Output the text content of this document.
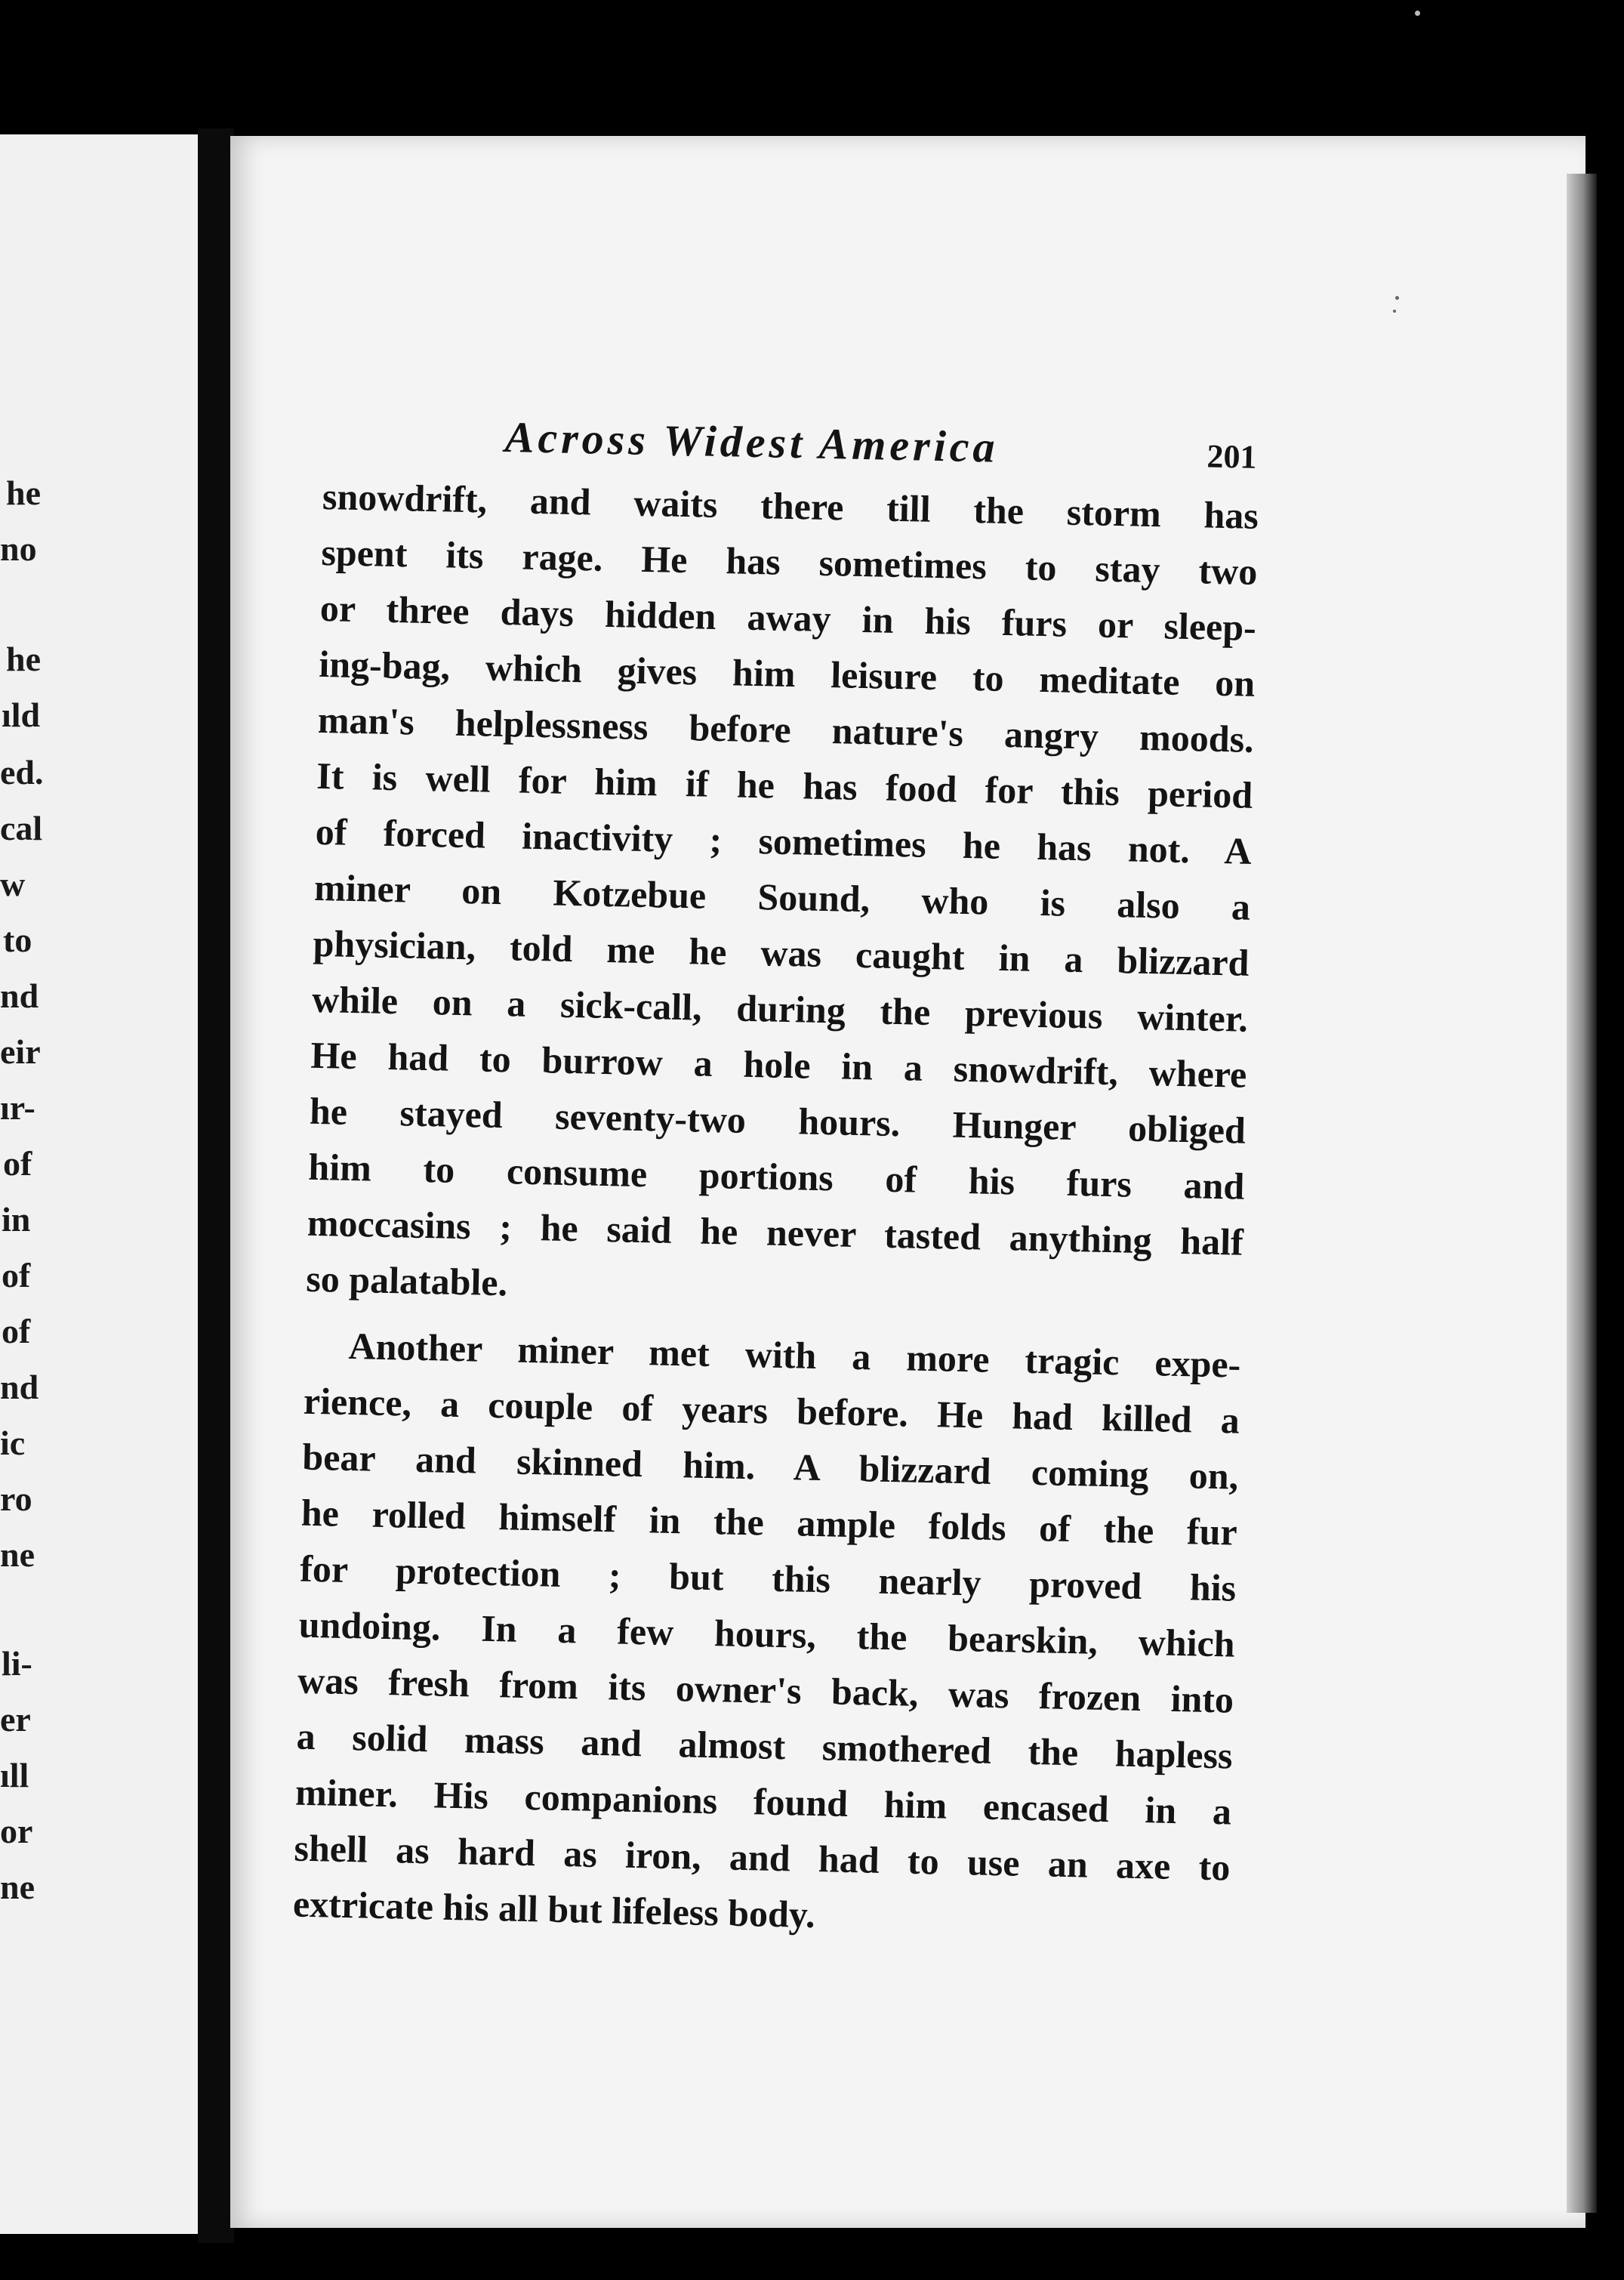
he
no
he
ıld
ed.
cal
w
to
nd
eir
ır-
of
in
of
of
nd
ic
ro
ne
li-
er
ıll
or
ne
Across Widest America	201

snowdrift, and waits there till the storm has
spent its rage. He has sometimes to stay two
or three days hidden away in his furs or sleep-
ing-bag, which gives him leisure to meditate on
man's helplessness before nature's angry moods.
It is well for him if he has food for this period
of forced inactivity ; sometimes he has not. A
miner on Kotzebue Sound, who is also a
physician, told me he was caught in a blizzard
while on a sick-call, during the previous winter.
He had to burrow a hole in a snowdrift, where
he stayed seventy-two hours. Hunger obliged
him to consume portions of his furs and
moccasins ; he said he never tasted anything half
so palatable.

Another miner met with a more tragic expe-
rience, a couple of years before. He had killed a
bear and skinned him. A blizzard coming on,
he rolled himself in the ample folds of the fur
for protection ; but this nearly proved his
undoing. In a few hours, the bearskin, which
was fresh from its owner's back, was frozen into
a solid mass and almost smothered the hapless
miner. His companions found him encased in a
shell as hard as iron, and had to use an axe to
extricate his all but lifeless body.
